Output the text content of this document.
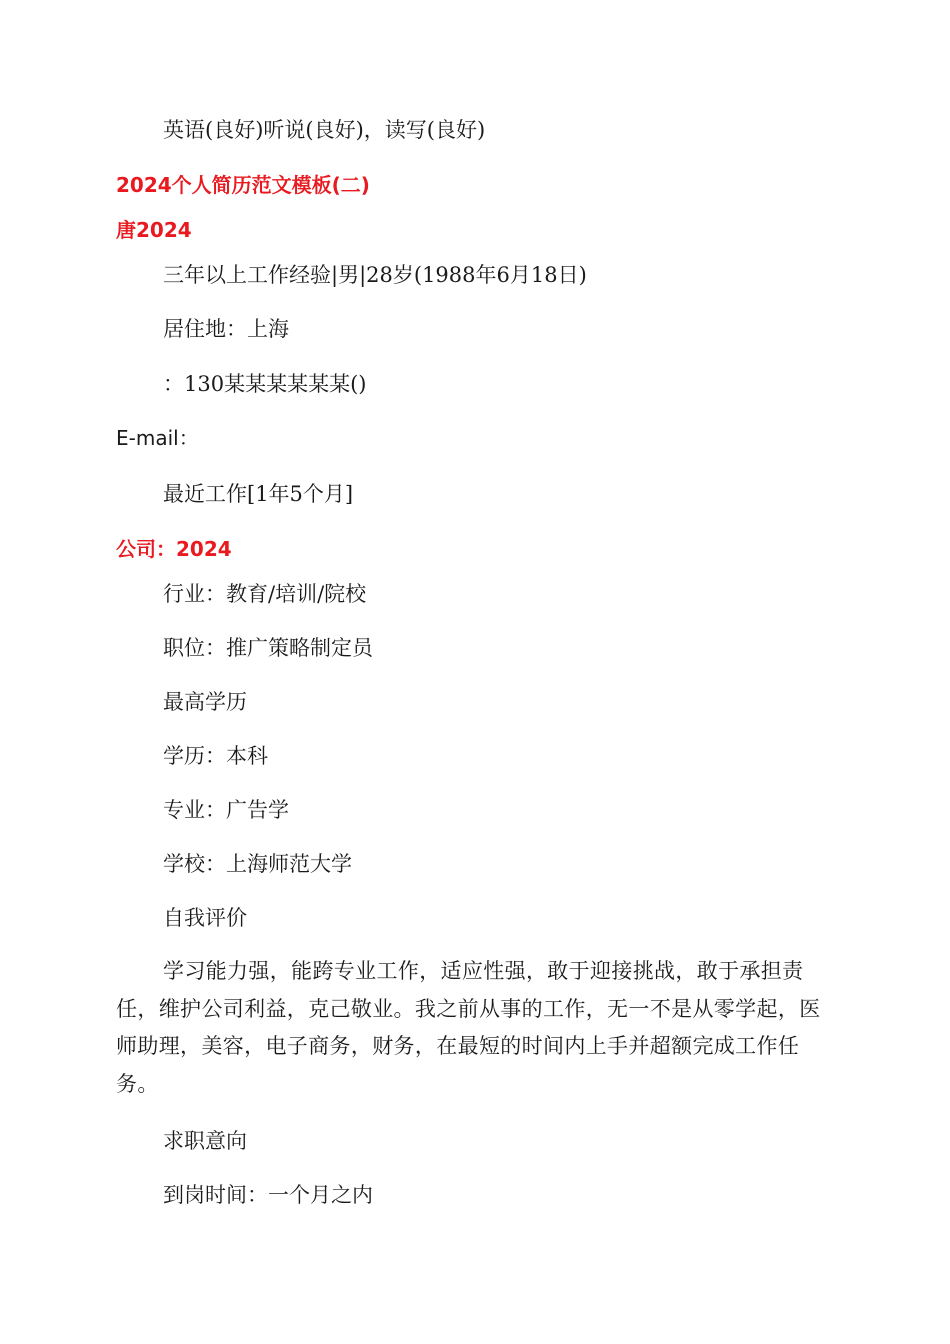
英语(良好)听说(良好)，读写(良好)
2024个人简历范文模板(二)
唐2024
三年以上工作经验|男|28岁(1988年6月18日)
居住地：上海
：130某某某某某某()
E-mail：
最近工作[1年5个月]
公司：2024
行业：教育/培训/院校
职位：推广策略制定员
最高学历
学历：本科
专业：广告学
学校：上海师范大学
自我评价
学习能力强，能跨专业工作，适应性强，敢于迎接挑战，敢于承担责任，维护公司利益，克己敬业。我之前从事的工作，无一不是从零学起，医师助理，美容，电子商务，财务，在最短的时间内上手并超额完成工作任务。
求职意向
到岗时间：一个月之内
